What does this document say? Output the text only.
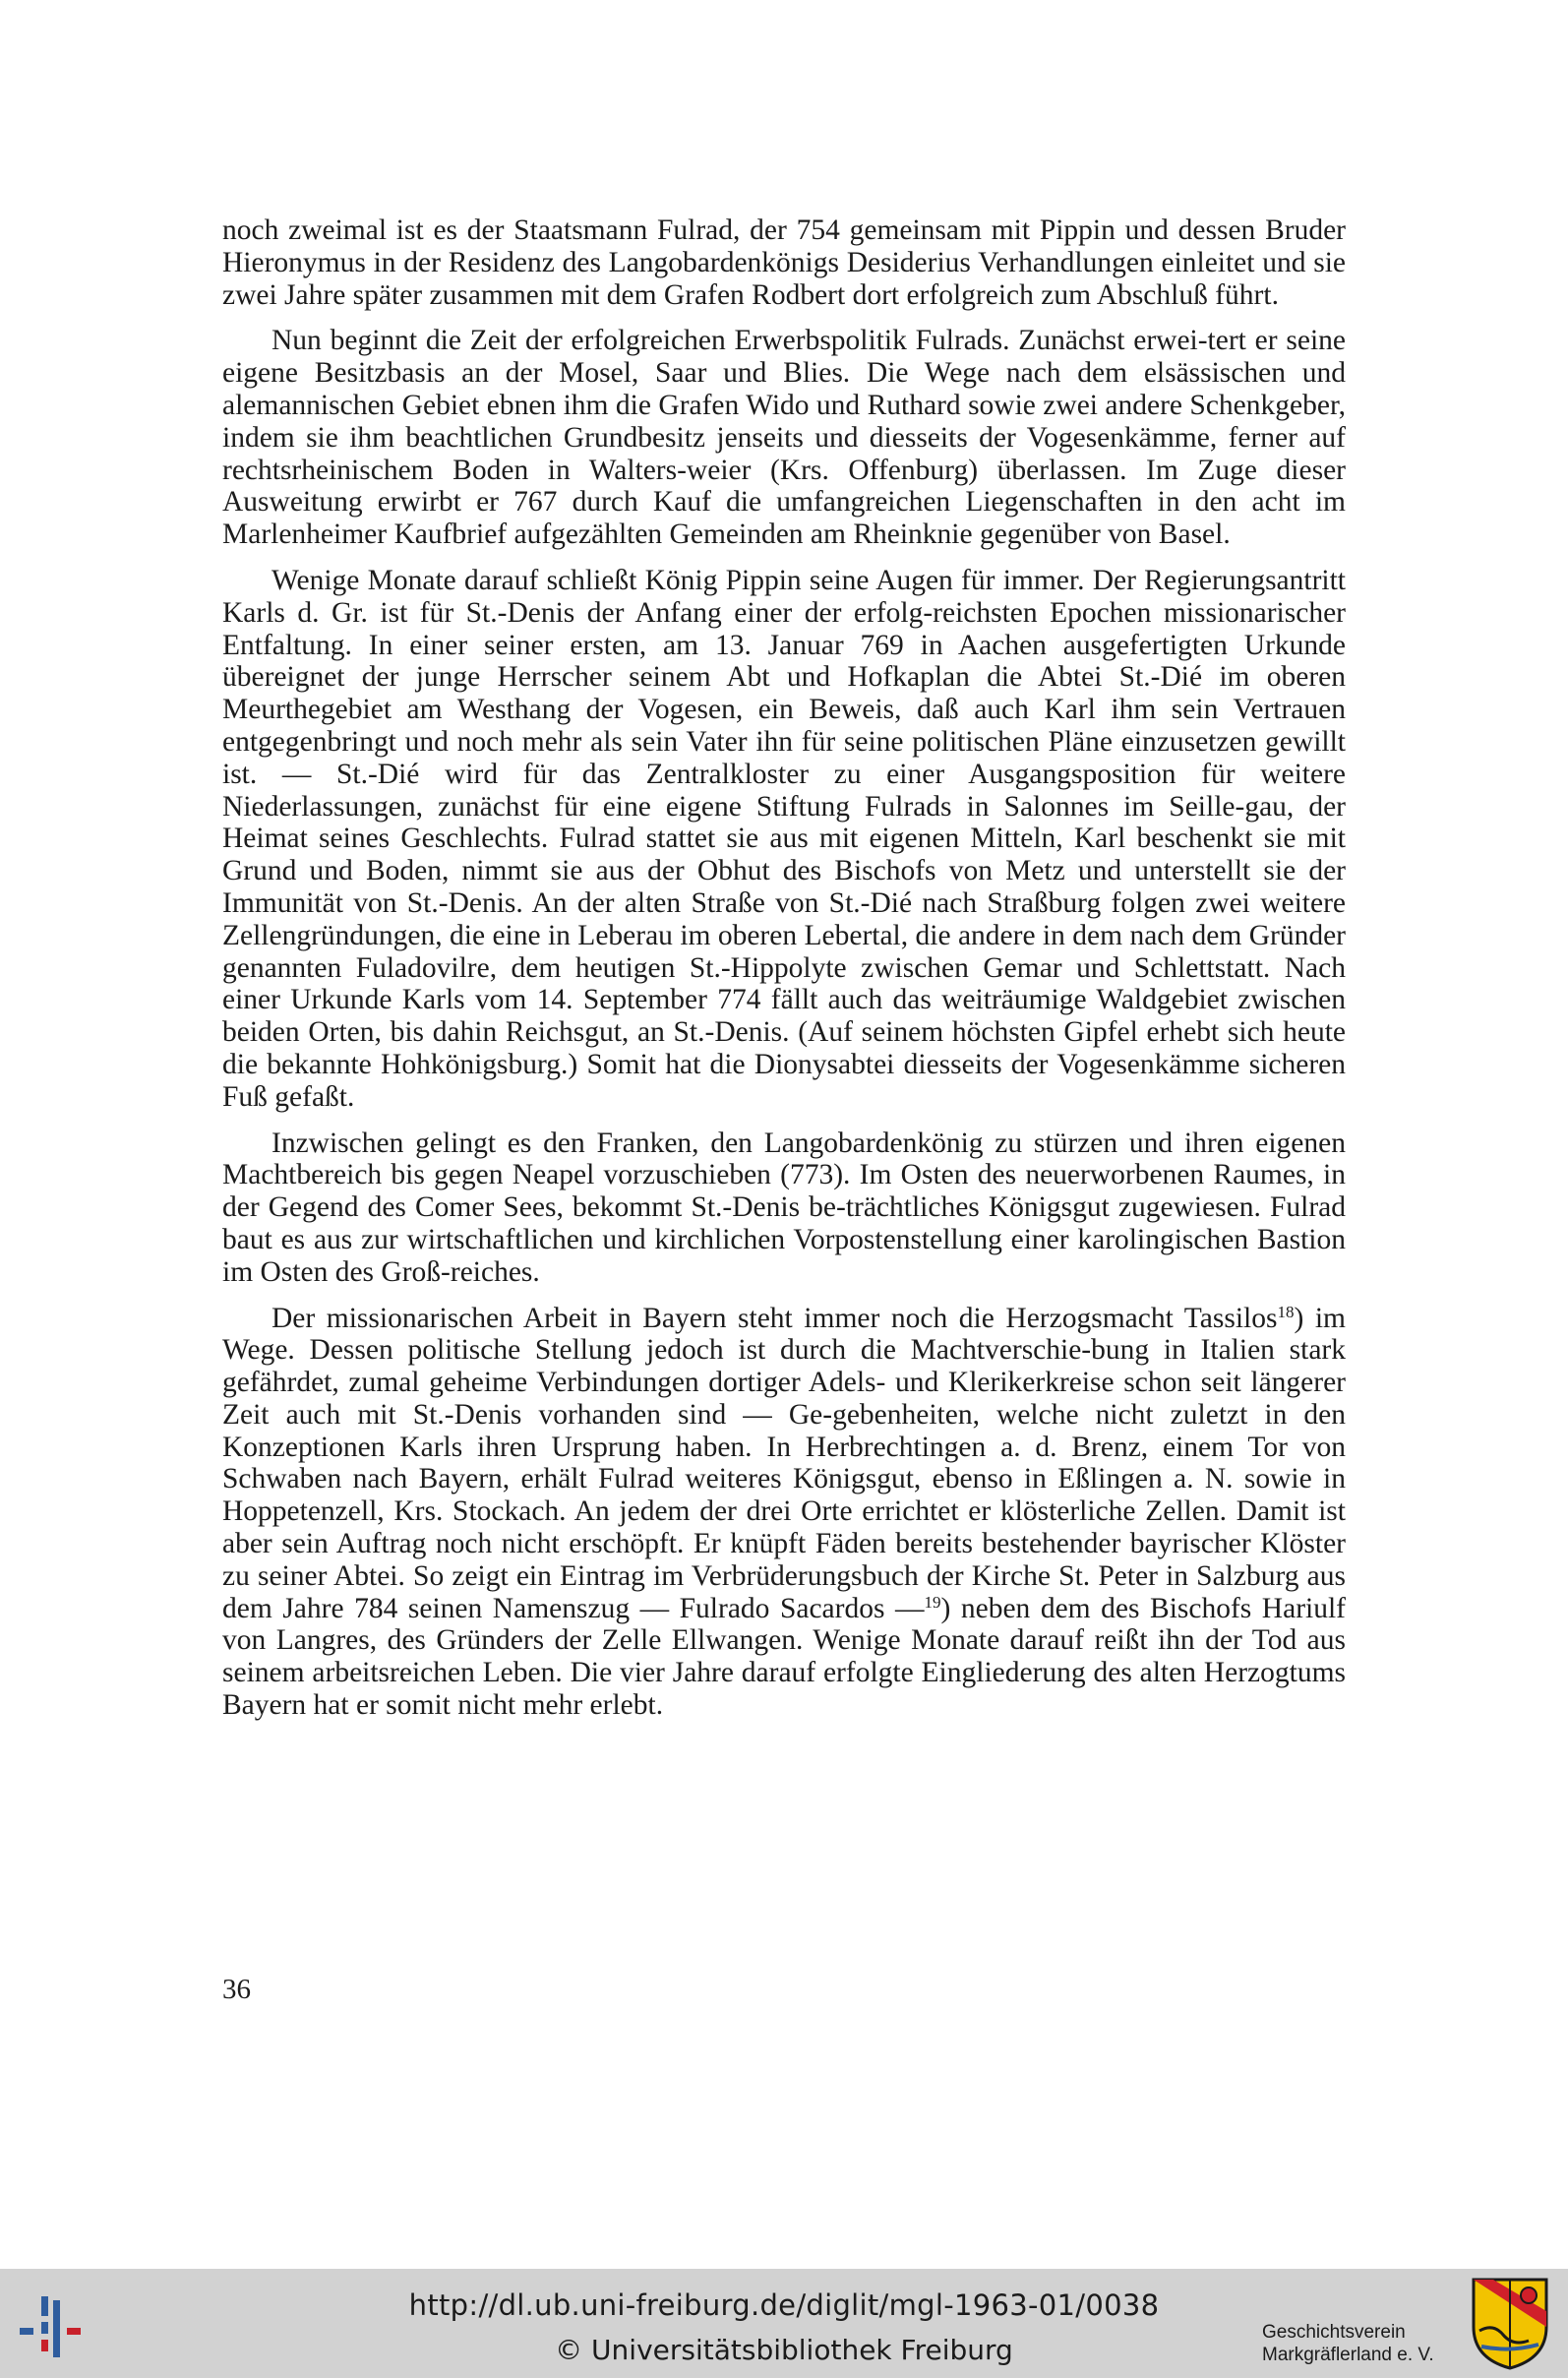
noch zweimal ist es der Staatsmann Fulrad, der 754 gemeinsam mit Pippin und dessen Bruder Hieronymus in der Residenz des Langobardenkönigs Desiderius Verhandlungen einleitet und sie zwei Jahre später zusammen mit dem Grafen Rodbert dort erfolgreich zum Abschluß führt.

Nun beginnt die Zeit der erfolgreichen Erwerbspolitik Fulrads. Zunächst erwei-tert er seine eigene Besitzbasis an der Mosel, Saar und Blies. Die Wege nach dem elsässischen und alemannischen Gebiet ebnen ihm die Grafen Wido und Ruthard sowie zwei andere Schenkgeber, indem sie ihm beachtlichen Grundbesitz jenseits und diesseits der Vogesenkämme, ferner auf rechtsrheinischem Boden in Walters-weier (Krs. Offenburg) überlassen. Im Zuge dieser Ausweitung erwirbt er 767 durch Kauf die umfangreichen Liegenschaften in den acht im Marlenheimer Kaufbrief aufgezählten Gemeinden am Rheinknie gegenüber von Basel.

Wenige Monate darauf schließt König Pippin seine Augen für immer. Der Regierungsantritt Karls d. Gr. ist für St.-Denis der Anfang einer der erfolg-reichsten Epochen missionarischer Entfaltung. In einer seiner ersten, am 13. Januar 769 in Aachen ausgefertigten Urkunde übereignet der junge Herrscher seinem Abt und Hofkaplan die Abtei St.-Dié im oberen Meurthegebiet am Westhang der Vogesen, ein Beweis, daß auch Karl ihm sein Vertrauen entgegenbringt und noch mehr als sein Vater ihn für seine politischen Pläne einzusetzen gewillt ist. — St.-Dié wird für das Zentralkloster zu einer Ausgangsposition für weitere Niederlassungen, zunächst für eine eigene Stiftung Fulrads in Salonnes im Seille-gau, der Heimat seines Geschlechts. Fulrad stattet sie aus mit eigenen Mitteln, Karl beschenkt sie mit Grund und Boden, nimmt sie aus der Obhut des Bischofs von Metz und unterstellt sie der Immunität von St.-Denis. An der alten Straße von St.-Dié nach Straßburg folgen zwei weitere Zellengründungen, die eine in Leberau im oberen Lebertal, die andere in dem nach dem Gründer genannten Fuladovilre, dem heutigen St.-Hippolyte zwischen Gemar und Schlettstatt. Nach einer Urkunde Karls vom 14. September 774 fällt auch das weiträumige Waldgebiet zwischen beiden Orten, bis dahin Reichsgut, an St.-Denis. (Auf seinem höchsten Gipfel erhebt sich heute die bekannte Hohkönigsburg.) Somit hat die Dionysabtei diesseits der Vogesenkämme sicheren Fuß gefaßt.

Inzwischen gelingt es den Franken, den Langobardenkönig zu stürzen und ihren eigenen Machtbereich bis gegen Neapel vorzuschieben (773). Im Osten des neuerworbenen Raumes, in der Gegend des Comer Sees, bekommt St.-Denis be-trächtliches Königsgut zugewiesen. Fulrad baut es aus zur wirtschaftlichen und kirchlichen Vorpostenstellung einer karolingischen Bastion im Osten des Groß-reiches.

Der missionarischen Arbeit in Bayern steht immer noch die Herzogsmacht Tassilos$^{18}$) im Wege. Dessen politische Stellung jedoch ist durch die Machtverschie-bung in Italien stark gefährdet, zumal geheime Verbindungen dortiger Adels- und Klerikerkreise schon seit längerer Zeit auch mit St.-Denis vorhanden sind — Ge-gebenheiten, welche nicht zuletzt in den Konzeptionen Karls ihren Ursprung haben. In Herbrechtingen a. d. Brenz, einem Tor von Schwaben nach Bayern, erhält Fulrad weiteres Königsgut, ebenso in Eßlingen a. N. sowie in Hoppetenzell, Krs. Stockach. An jedem der drei Orte errichtet er klösterliche Zellen. Damit ist aber sein Auftrag noch nicht erschöpft. Er knüpft Fäden bereits bestehender bayrischer Klöster zu seiner Abtei. So zeigt ein Eintrag im Verbrüderungsbuch der Kirche St. Peter in Salzburg aus dem Jahre 784 seinen Namenszug — Fulrado Sacardos —$^{19}$) neben dem des Bischofs Hariulf von Langres, des Gründers der Zelle Ellwangen. Wenige Monate darauf reißt ihn der Tod aus seinem arbeitsreichen Leben. Die vier Jahre darauf erfolgte Eingliederung des alten Herzogtums Bayern hat er somit nicht mehr erlebt.

36
http://dl.ub.uni-freiburg.de/diglit/mgl-1963-01/0038
© Universitätsbibliothek Freiburg
Geschichtsverein
Markgräflerland e. V.
